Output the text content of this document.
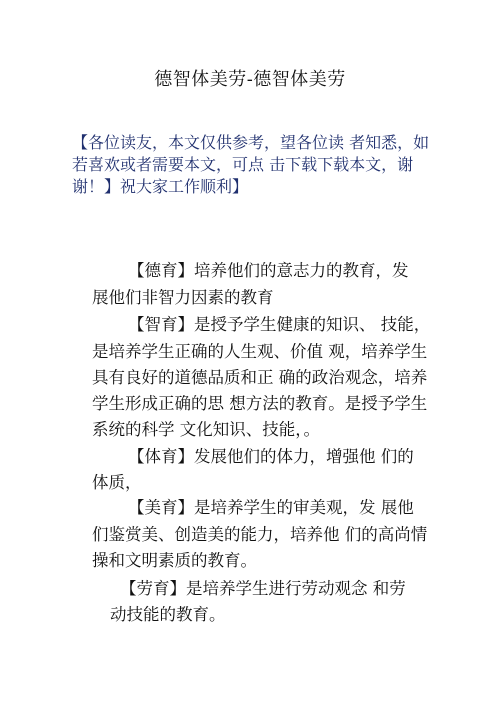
德智体美劳-德智体美劳

【各位读友，本文仅供参考，望各位读 者知悉，如

若喜欢或者需要本文，可点 击下载下载本文，谢

谢！】祝大家工作顺利】

【德育】培养他们的意志力的教育，发
展他们非智力因素的教育
【智育】是授予学生健康的知识、 技能，
是培养学生正确的人生观、价值 观，培养学生
具有良好的道德品质和正 确的政治观念，培养
学生形成正确的思 想方法的教育。是授予学生
系统的科学 文化知识、技能，。
【体育】发展他们的体力，增强他 们的
体质，
【美育】是培养学生的审美观，发 展他
们鉴赏美、创造美的能力，培养他 们的高尚情
操和文明素质的教育。
【劳育】是培养学生进行劳动观念 和劳
动技能的教育。
